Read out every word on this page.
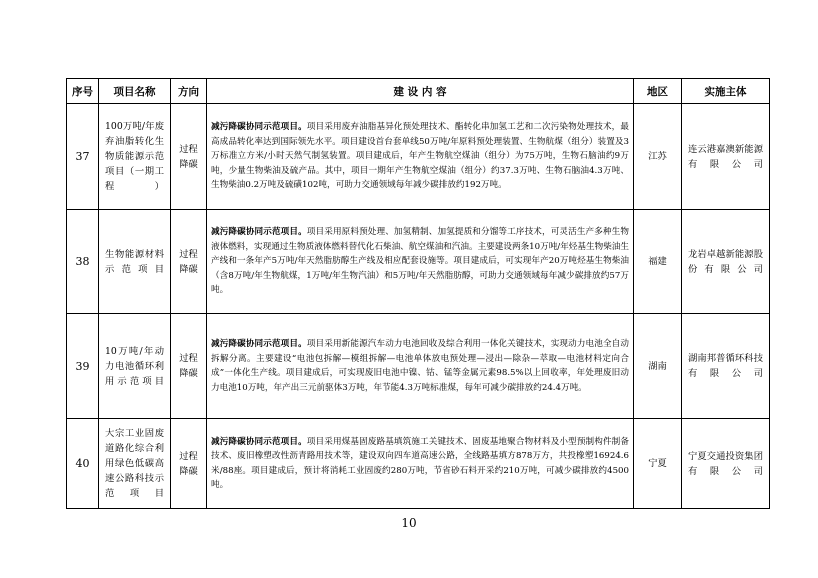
序号	项目名称	方向	建 设 内 容	地区	实施主体
37	100万吨/年废弃油脂转化生物质能源示范项目（一期工程）	过程降碳	减污降碳协同示范项目。项目采用废弃油脂基异化预处理技术、酯转化串加氢工艺和二次污染物处理技术，最高成品转化率达到国际领先水平。项目建设首台套单线50万吨/年原料预处理装置、生物航煤（组分）装置及3万标准立方米/小时天然气制氢装置。项目建成后，年产生物航空煤油（组分）为75万吨，生物石脑油约9万吨，少量生物柴油及硫产品。其中，项目一期年产生物航空煤油（组分）约37.3万吨、生物石脑油4.3万吨、生物柴油0.2万吨及硫磺102吨，可助力交通领域每年减少碳排放约192万吨。	江苏	连云港嘉澳新能源有限公司
38	生物能源材料示范项目	过程降碳	减污降碳协同示范项目。项目采用原料预处理、加氢精制、加氢提质和分馏等工序技术，可灵活生产多种生物液体燃料，实现通过生物质液体燃料替代化石柴油、航空煤油和汽油。主要建设两条10万吨/年烃基生物柴油生产线和一条年产5万吨/年天然脂肪醇生产线及相应配套设施等。项目建成后，可实现年产20万吨烃基生物柴油（含8万吨/年生物航煤，1万吨/年生物汽油）和5万吨/年天然脂肪醇，可助力交通领域每年减少碳排放约57万吨。	福建	龙岩卓越新能源股份有限公司
39	10万吨/年动力电池循环利用示范项目	过程降碳	减污降碳协同示范项目。项目采用新能源汽车动力电池回收及综合利用一体化关键技术，实现动力电池全自动拆解分离。主要建设“电池包拆解—模组拆解—电池单体放电预处理—浸出—除杂—萃取—电池材料定向合成”一体化生产线。项目建成后，可实现废旧电池中镍、钴、锰等金属元素98.5%以上回收率，年处理废旧动力电池10万吨，年产出三元前驱体3万吨，年节能4.3万吨标准煤，每年可减少碳排放约24.4万吨。	湖南	湖南邦普循环科技有限公司
40	大宗工业固废道路化综合利用绿色低碳高速公路科技示范项目	过程降碳	减污降碳协同示范项目。项目采用煤基固废路基填筑施工关键技术、固废基地聚合物材料及小型预制构件制备技术、废旧橡塑改性沥青路用技术等，建设双向四车道高速公路，全线路基填方878万方，共投橡塑16924.6米/88座。项目建成后，预计将消耗工业固废约280万吨，节省砂石料开采约210万吨，可减少碳排放约4500吨。	宁夏	宁夏交通投资集团有限公司
10
